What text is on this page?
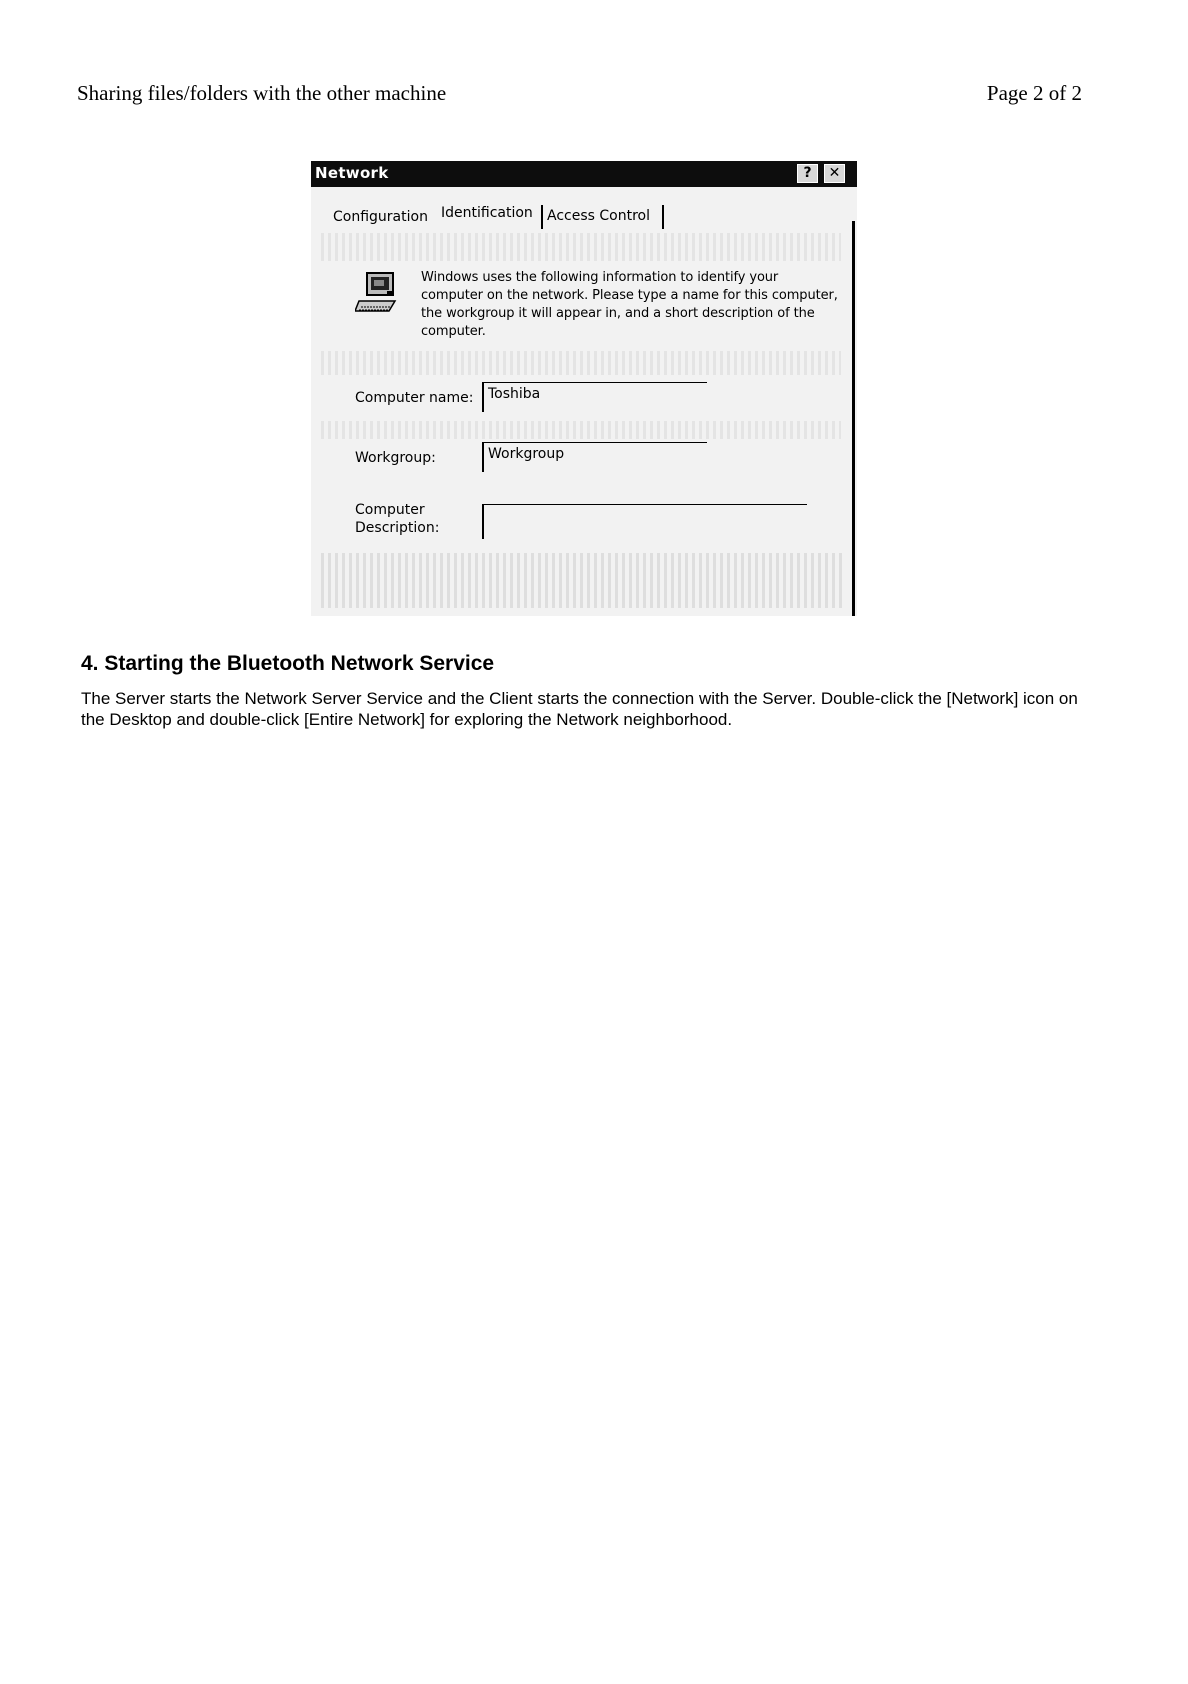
Sharing files/folders with the other machine	Page 2 of 2
Network	?	✕
Configuration Identification Access Control
Windows uses the following information to identify your computer on the network. Please type a name for this computer, the workgroup it will appear in, and a short description of the computer.
Computer name:	Toshiba
Workgroup:	Workgroup
Computer
Description:
4. Starting the Bluetooth Network Service
The Server starts the Network Server Service and the Client starts the connection with the Server. Double-click the [Network] icon on the Desktop and double-click [Entire Network] for exploring the Network neighborhood.
